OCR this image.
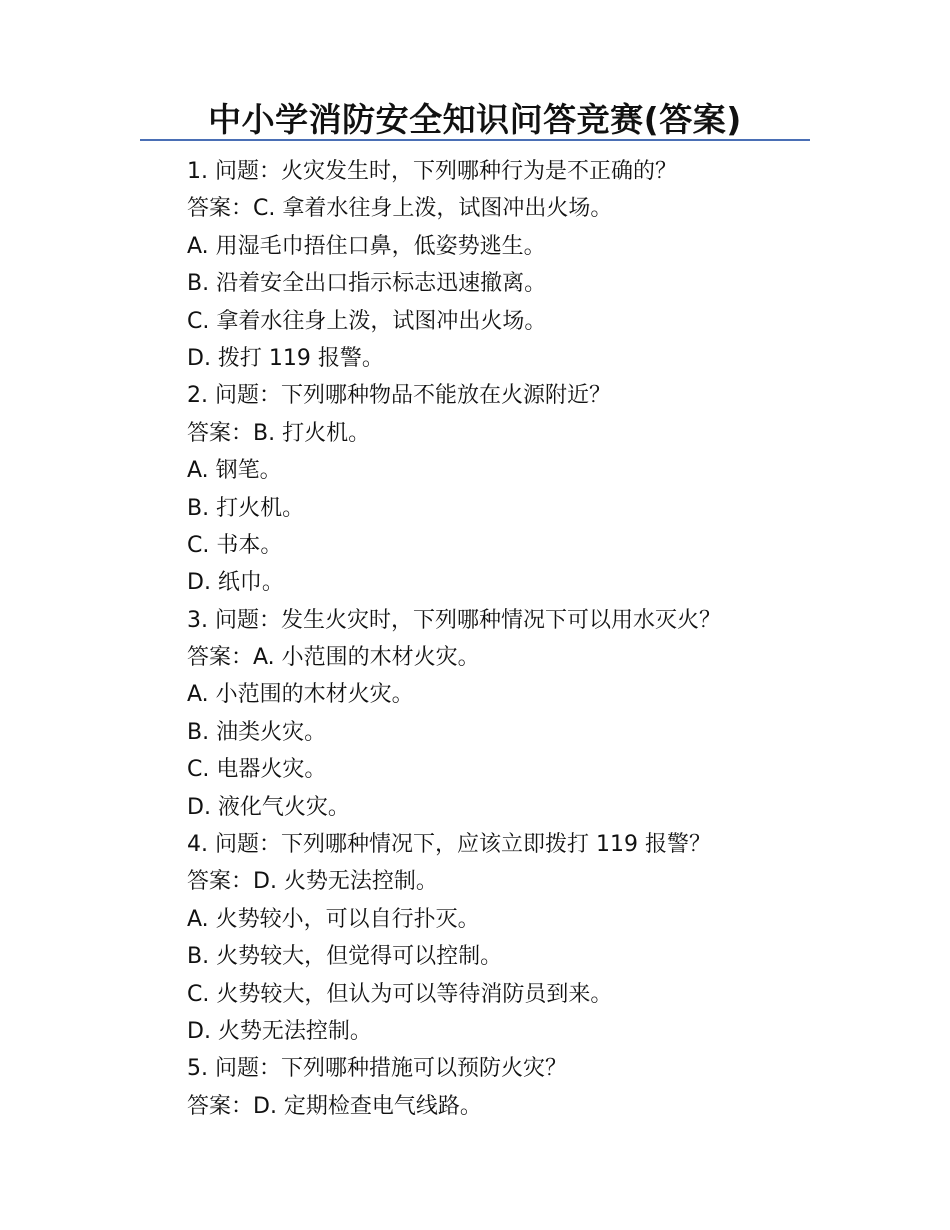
中小学消防安全知识问答竞赛(答案)
1. 问题：火灾发生时，下列哪种行为是不正确的？
答案：C. 拿着水往身上泼，试图冲出火场。
A. 用湿毛巾捂住口鼻，低姿势逃生。
B. 沿着安全出口指示标志迅速撤离。
C. 拿着水往身上泼，试图冲出火场。
D. 拨打 119 报警。
2. 问题：下列哪种物品不能放在火源附近？
答案：B. 打火机。
A. 钢笔。
B. 打火机。
C. 书本。
D. 纸巾。
3. 问题：发生火灾时，下列哪种情况下可以用水灭火？
答案：A. 小范围的木材火灾。
A. 小范围的木材火灾。
B. 油类火灾。
C. 电器火灾。
D. 液化气火灾。
4. 问题：下列哪种情况下，应该立即拨打 119 报警？
答案：D. 火势无法控制。
A. 火势较小，可以自行扑灭。
B. 火势较大，但觉得可以控制。
C. 火势较大，但认为可以等待消防员到来。
D. 火势无法控制。
5. 问题：下列哪种措施可以预防火灾？
答案：D. 定期检查电气线路。
